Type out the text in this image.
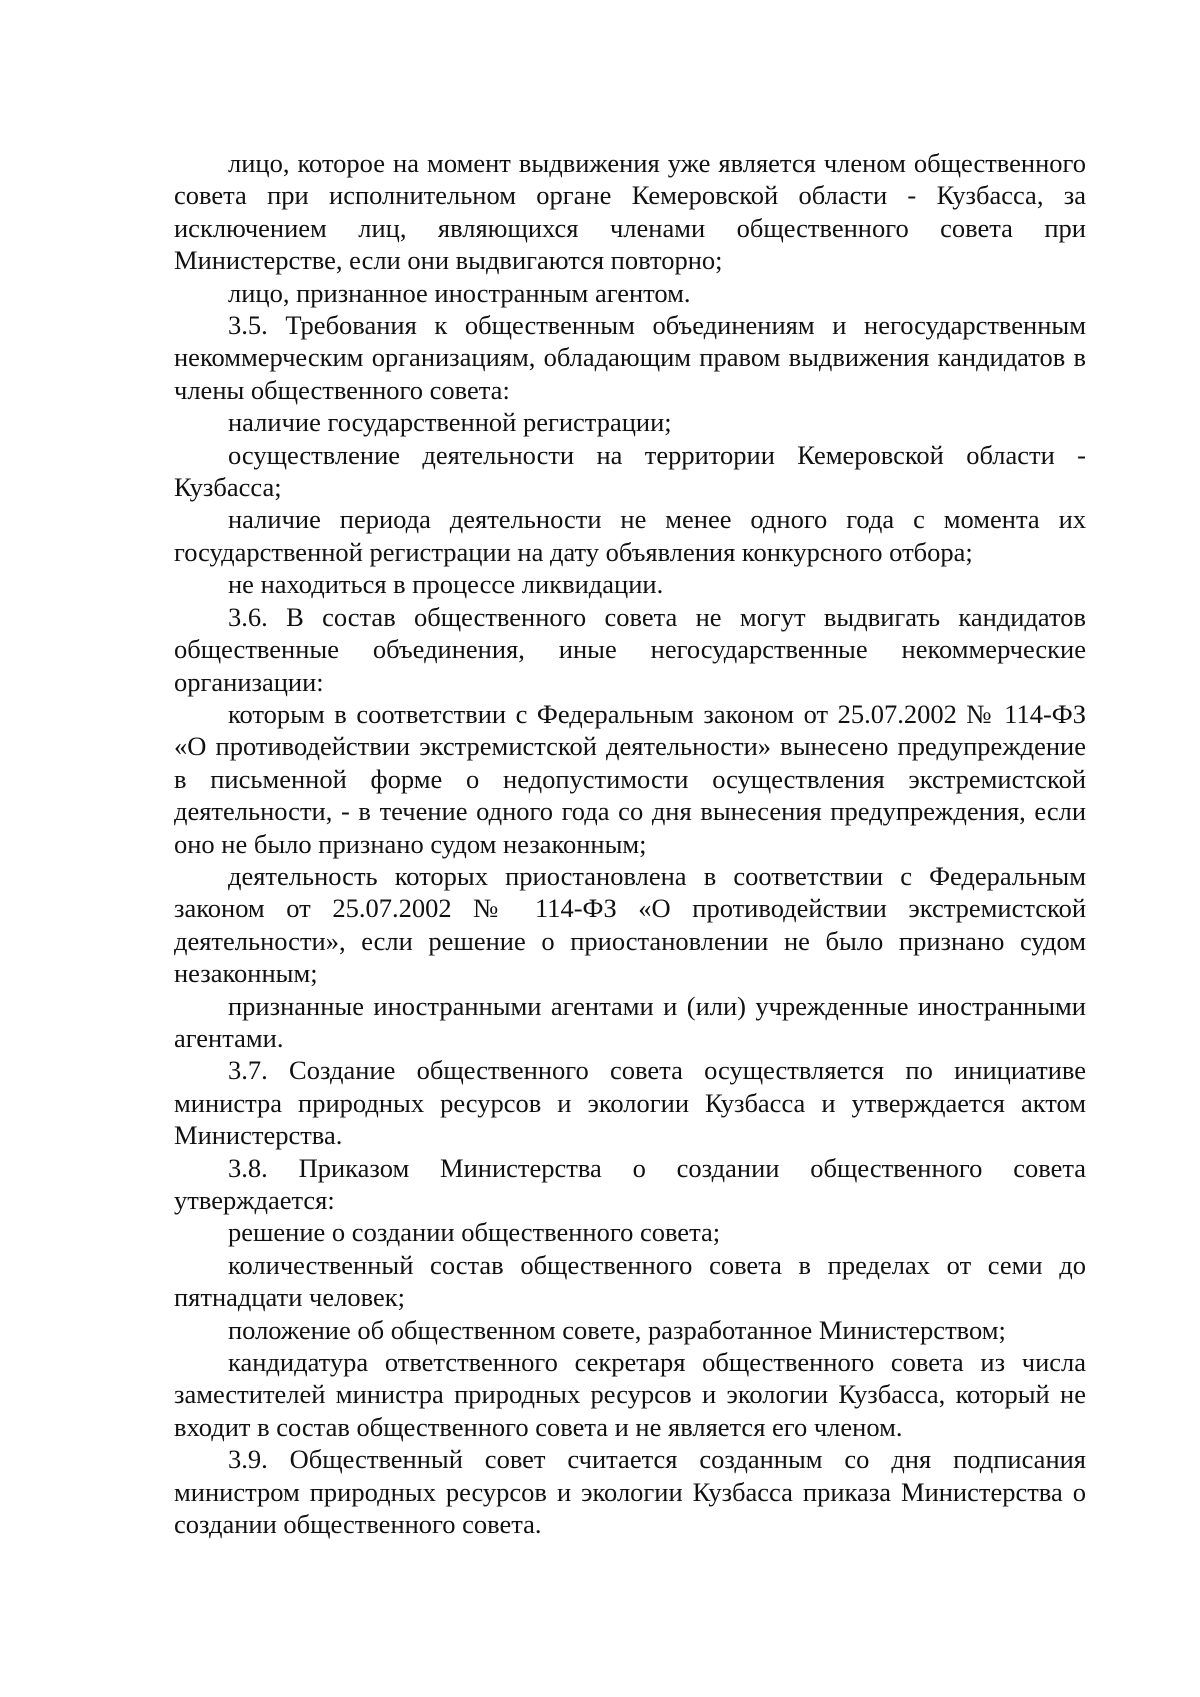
лицо, которое на момент выдвижения уже является членом общественного совета при исполнительном органе Кемеровской области - Кузбасса, за исключением лиц, являющихся членами общественного совета при Министерстве, если они выдвигаются повторно;

лицо, признанное иностранным агентом.

3.5. Требования к общественным объединениям и негосударственным некоммерческим организациям, обладающим правом выдвижения кандидатов в члены общественного совета:

наличие государственной регистрации;

осуществление деятельности на территории Кемеровской области - Кузбасса;

наличие периода деятельности не менее одного года с момента их государственной регистрации на дату объявления конкурсного отбора;

не находиться в процессе ликвидации.

3.6. В состав общественного совета не могут выдвигать кандидатов общественные объединения, иные негосударственные некоммерческие организации:

которым в соответствии с Федеральным законом от 25.07.2002 № 114-ФЗ «О противодействии экстремистской деятельности» вынесено предупреждение в письменной форме о недопустимости осуществления экстремистской деятельности, - в течение одного года со дня вынесения предупреждения, если оно не было признано судом незаконным;

деятельность которых приостановлена в соответствии с Федеральным законом от 25.07.2002 № 114-ФЗ «О противодействии экстремистской деятельности», если решение о приостановлении не было признано судом незаконным;

признанные иностранными агентами и (или) учрежденные иностранными агентами.

3.7. Создание общественного совета осуществляется по инициативе министра природных ресурсов и экологии Кузбасса и утверждается актом Министерства.

3.8. Приказом Министерства о создании общественного совета утверждается:

решение о создании общественного совета;

количественный состав общественного совета в пределах от семи до пятнадцати человек;

положение об общественном совете, разработанное Министерством;

кандидатура ответственного секретаря общественного совета из числа заместителей министра природных ресурсов и экологии Кузбасса, который не входит в состав общественного совета и не является его членом.

3.9. Общественный совет считается созданным со дня подписания министром природных ресурсов и экологии Кузбасса приказа Министерства о создании общественного совета.
